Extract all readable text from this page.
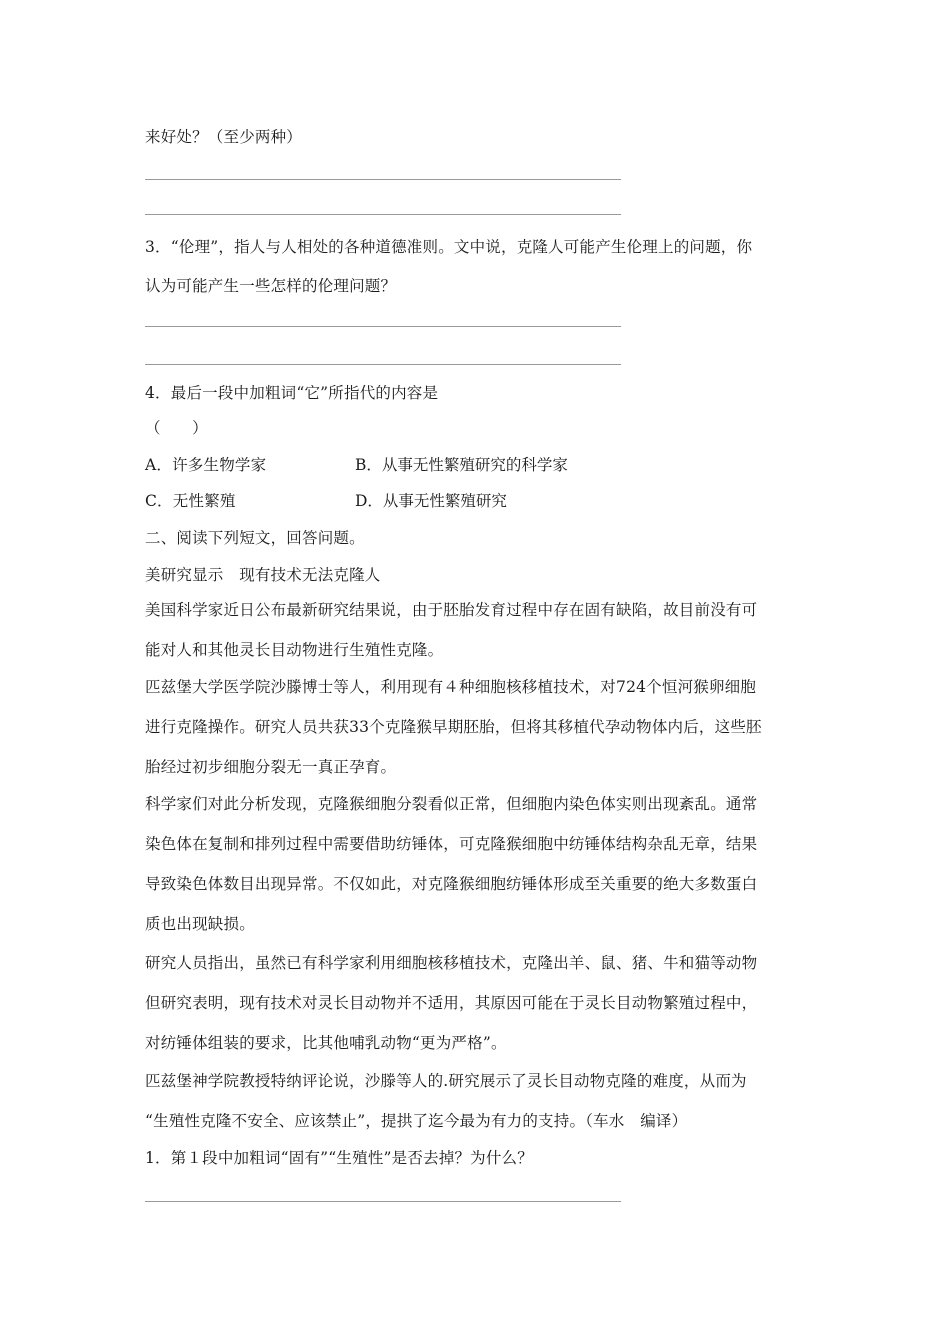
来好处？（至少两种）
3．“伦理”，指人与人相处的各种道德准则。文中说，克隆人可能产生伦理上的问题，你
认为可能产生一些怎样的伦理问题？
4．最后一段中加粗词“它”所指代的内容是
（　　）
A．许多生物学家	B．从事无性繁殖研究的科学家
C．无性繁殖	D．从事无性繁殖研究
二、阅读下列短文，回答问题。
美研究显示　现有技术无法克隆人
美国科学家近日公布最新研究结果说，由于胚胎发育过程中存在固有缺陷，故目前没有可
能对人和其他灵长目动物进行生殖性克隆。
匹兹堡大学医学院沙滕博士等人，利用现有４种细胞核移植技术，对724个恒河猴卵细胞
进行克隆操作。研究人员共获33个克隆猴早期胚胎，但将其移植代孕动物体内后，这些胚
胎经过初步细胞分裂无一真正孕育。
科学家们对此分析发现，克隆猴细胞分裂看似正常，但细胞内染色体实则出现紊乱。通常
染色体在复制和排列过程中需要借助纺锤体，可克隆猴细胞中纺锤体结构杂乱无章，结果
导致染色体数目出现异常。不仅如此，对克隆猴细胞纺锤体形成至关重要的绝大多数蛋白
质也出现缺损。
研究人员指出，虽然已有科学家利用细胞核移植技术，克隆出羊、鼠、猪、牛和猫等动物
但研究表明，现有技术对灵长目动物并不适用，其原因可能在于灵长目动物繁殖过程中，
对纺锤体组装的要求，比其他哺乳动物“更为严格”。
匹兹堡神学院教授特纳评论说，沙滕等人的.研究展示了灵长目动物克隆的难度，从而为
“生殖性克隆不安全、应该禁止”，提拱了迄今最为有力的支持。（车水　编译）
1．第１段中加粗词“固有”“生殖性”是否去掉？为什么？
